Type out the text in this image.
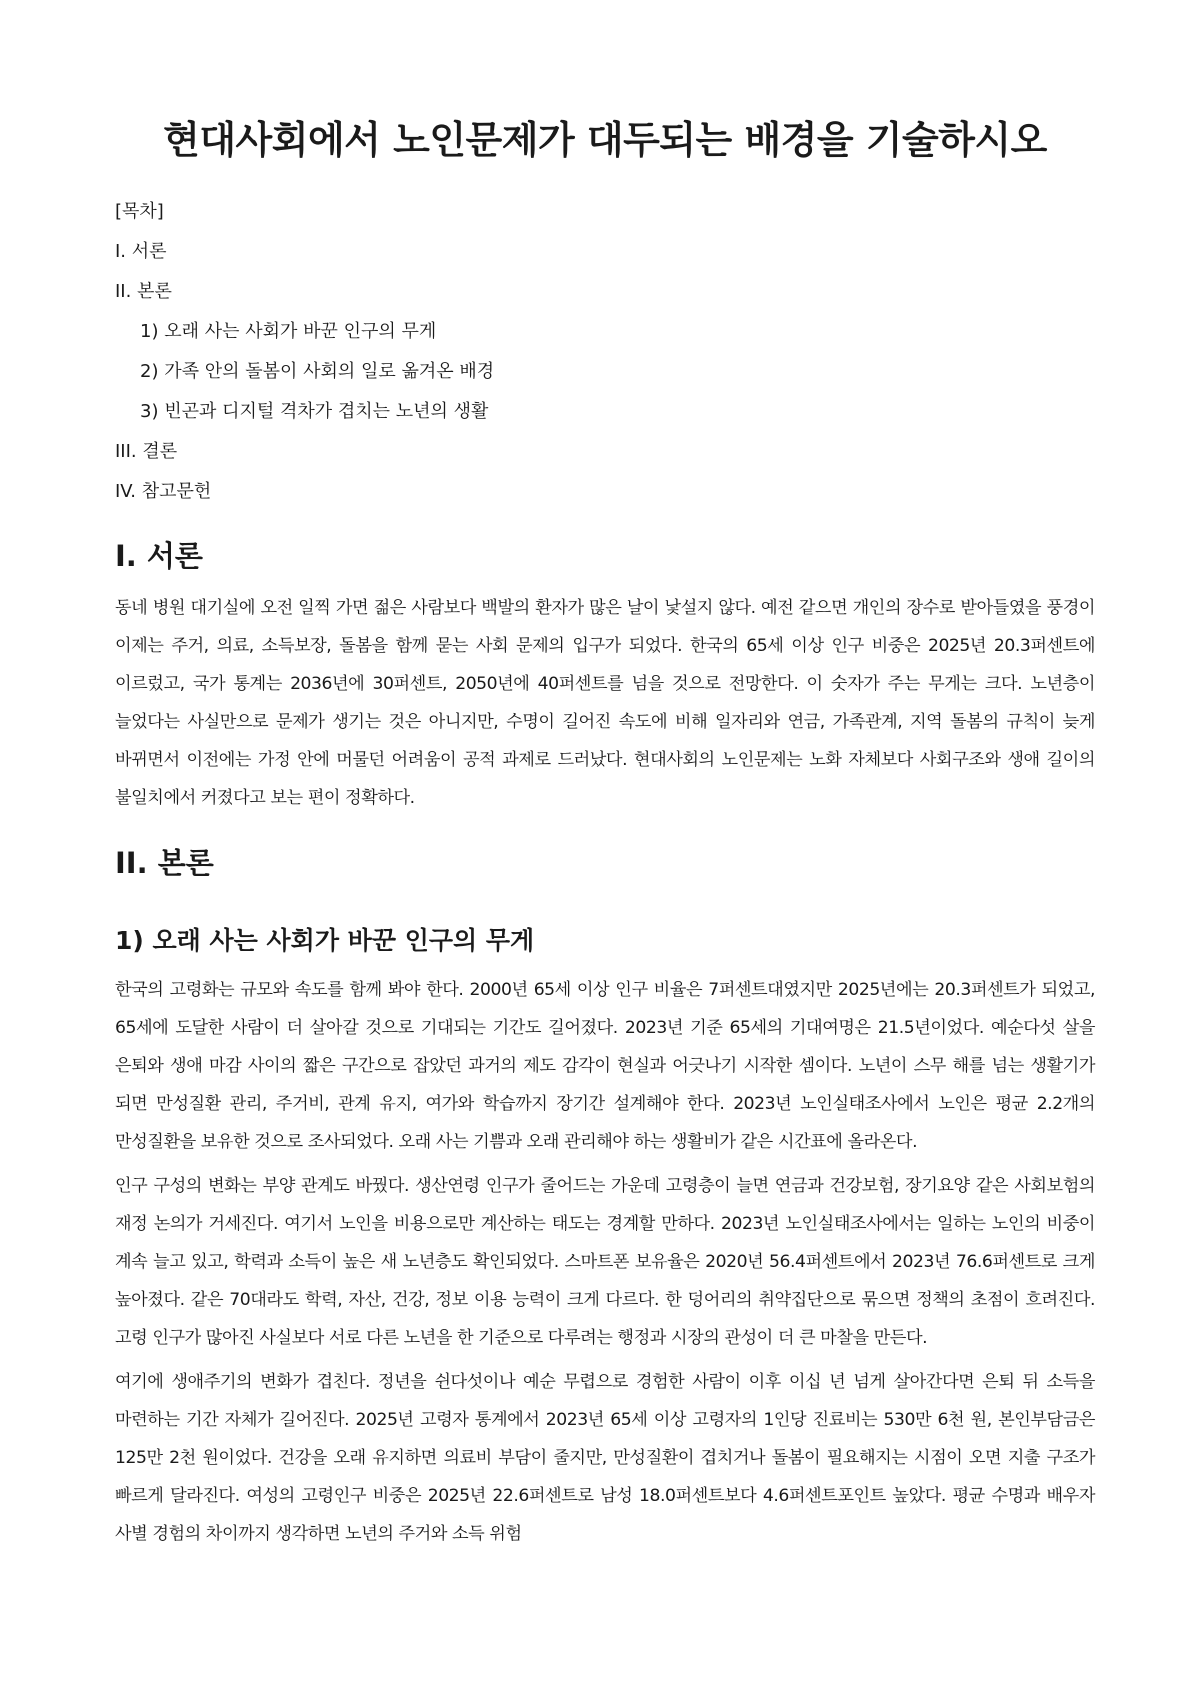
현대사회에서 노인문제가 대두되는 배경을 기술하시오
[목차]
I. 서론
II. 본론
1) 오래 사는 사회가 바꾼 인구의 무게
2) 가족 안의 돌봄이 사회의 일로 옮겨온 배경
3) 빈곤과 디지털 격차가 겹치는 노년의 생활
III. 결론
IV. 참고문헌
I. 서론

동네 병원 대기실에 오전 일찍 가면 젊은 사람보다 백발의 환자가 많은 날이 낯설지 않다. 예전 같으면 개인의 장수로 받아들였을 풍경이 이제는 주거, 의료, 소득보장, 돌봄을 함께 묻는 사회 문제의 입구가 되었다. 한국의 65세 이상 인구 비중은 2025년 20.3퍼센트에 이르렀고, 국가 통계는 2036년에 30퍼센트, 2050년에 40퍼센트를 넘을 것으로 전망한다. 이 숫자가 주는 무게는 크다. 노년층이 늘었다는 사실만으로 문제가 생기는 것은 아니지만, 수명이 길어진 속도에 비해 일자리와 연금, 가족관계, 지역 돌봄의 규칙이 늦게 바뀌면서 이전에는 가정 안에 머물던 어려움이 공적 과제로 드러났다. 현대사회의 노인문제는 노화 자체보다 사회구조와 생애 길이의 불일치에서 커졌다고 보는 편이 정확하다.

II. 본론
1) 오래 사는 사회가 바꾼 인구의 무게

한국의 고령화는 규모와 속도를 함께 봐야 한다. 2000년 65세 이상 인구 비율은 7퍼센트대였지만 2025년에는 20.3퍼센트가 되었고, 65세에 도달한 사람이 더 살아갈 것으로 기대되는 기간도 길어졌다. 2023년 기준 65세의 기대여명은 21.5년이었다. 예순다섯 살을 은퇴와 생애 마감 사이의 짧은 구간으로 잡았던 과거의 제도 감각이 현실과 어긋나기 시작한 셈이다. 노년이 스무 해를 넘는 생활기가 되면 만성질환 관리, 주거비, 관계 유지, 여가와 학습까지 장기간 설계해야 한다. 2023년 노인실태조사에서 노인은 평균 2.2개의 만성질환을 보유한 것으로 조사되었다. 오래 사는 기쁨과 오래 관리해야 하는 생활비가 같은 시간표에 올라온다.

인구 구성의 변화는 부양 관계도 바꿨다. 생산연령 인구가 줄어드는 가운데 고령층이 늘면 연금과 건강보험, 장기요양 같은 사회보험의 재정 논의가 거세진다. 여기서 노인을 비용으로만 계산하는 태도는 경계할 만하다. 2023년 노인실태조사에서는 일하는 노인의 비중이 계속 늘고 있고, 학력과 소득이 높은 새 노년층도 확인되었다. 스마트폰 보유율은 2020년 56.4퍼센트에서 2023년 76.6퍼센트로 크게 높아졌다. 같은 70대라도 학력, 자산, 건강, 정보 이용 능력이 크게 다르다. 한 덩어리의 취약집단으로 묶으면 정책의 초점이 흐려진다. 고령 인구가 많아진 사실보다 서로 다른 노년을 한 기준으로 다루려는 행정과 시장의 관성이 더 큰 마찰을 만든다.

여기에 생애주기의 변화가 겹친다. 정년을 쉰다섯이나 예순 무렵으로 경험한 사람이 이후 이십 년 넘게 살아간다면 은퇴 뒤 소득을 마련하는 기간 자체가 길어진다. 2025년 고령자 통계에서 2023년 65세 이상 고령자의 1인당 진료비는 530만 6천 원, 본인부담금은 125만 2천 원이었다. 건강을 오래 유지하면 의료비 부담이 줄지만, 만성질환이 겹치거나 돌봄이 필요해지는 시점이 오면 지출 구조가 빠르게 달라진다. 여성의 고령인구 비중은 2025년 22.6퍼센트로 남성 18.0퍼센트보다 4.6퍼센트포인트 높았다. 평균 수명과 배우자 사별 경험의 차이까지 생각하면 노년의 주거와 소득 위험
